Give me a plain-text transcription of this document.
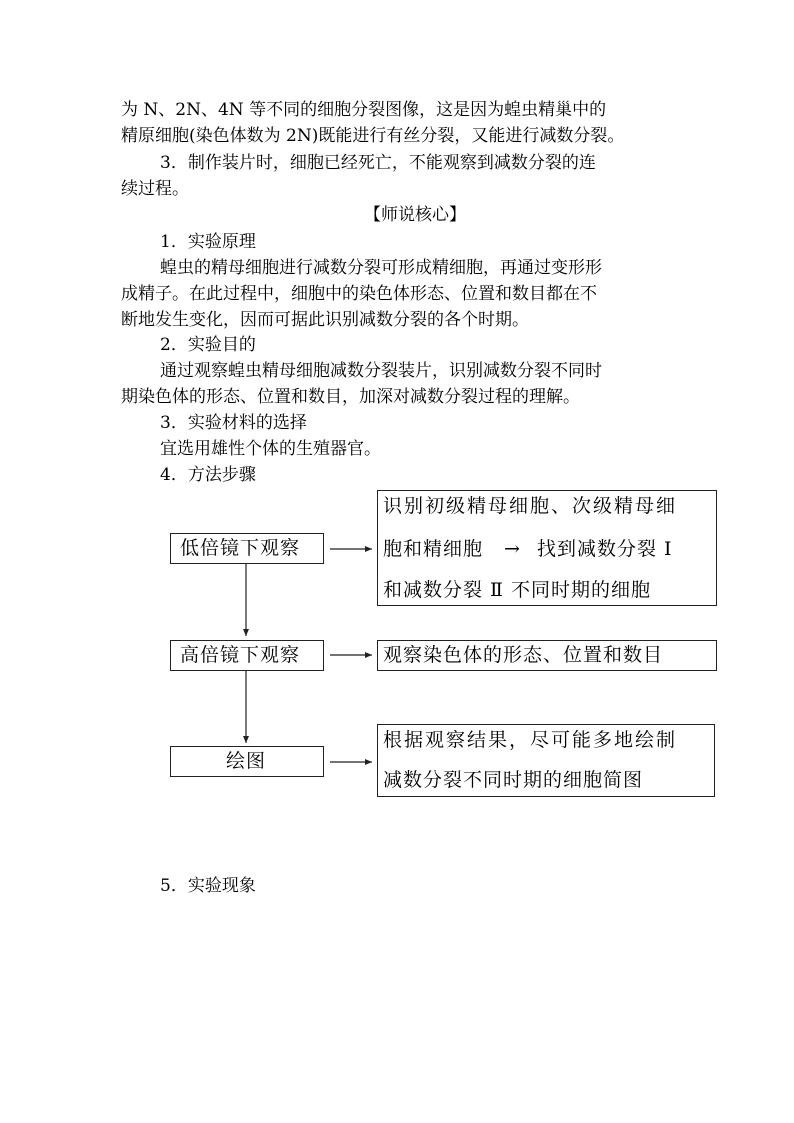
为 N、2N、4N 等不同的细胞分裂图像，这是因为蝗虫精巢中的
精原细胞(染色体数为 2N)既能进行有丝分裂，又能进行减数分裂。
3．制作装片时，细胞已经死亡，不能观察到减数分裂的连
续过程。
【师说核心】
1．实验原理
蝗虫的精母细胞进行减数分裂可形成精细胞，再通过变形形
成精子。在此过程中，细胞中的染色体形态、位置和数目都在不
断地发生变化，因而可据此识别减数分裂的各个时期。
2．实验目的
通过观察蝗虫精母细胞减数分裂装片，识别减数分裂不同时
期染色体的形态、位置和数目，加深对减数分裂过程的理解。
3．实验材料的选择
宜选用雄性个体的生殖器官。
4．方法步骤
低倍镜下观察
高倍镜下观察
绘图
识别初级精母细胞、次级精母细
胞和精细胞 → 找到减数分裂 Ⅰ
和减数分裂 Ⅱ 不同时期的细胞
观察染色体的形态、位置和数目
根据观察结果，尽可能多地绘制
减数分裂不同时期的细胞简图
5．实验现象
